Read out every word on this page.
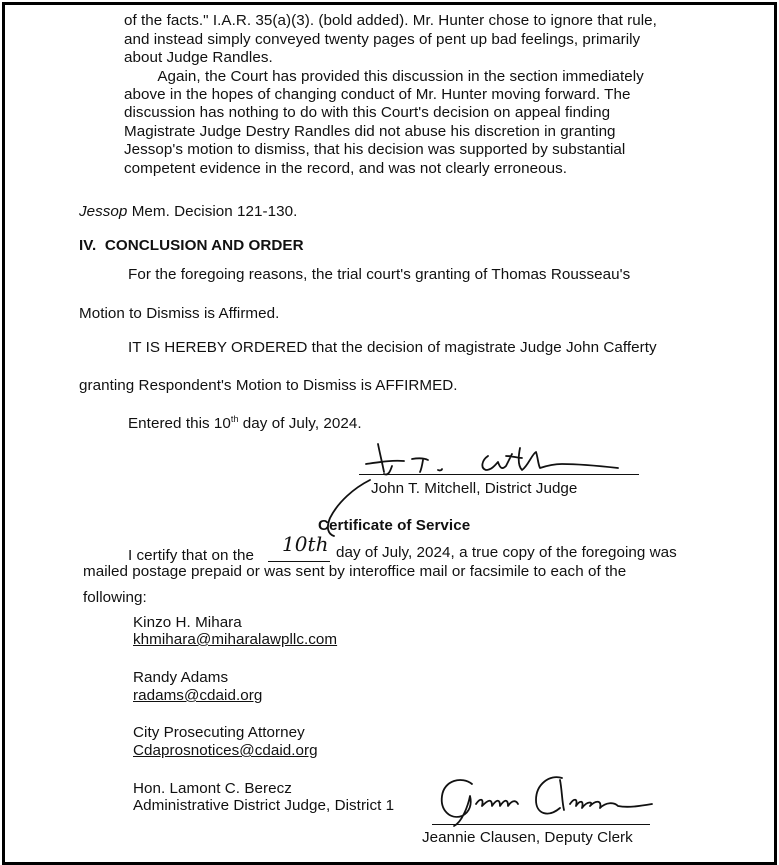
of the facts." I.A.R. 35(a)(3). (bold added). Mr. Hunter chose to ignore that rule,
and instead simply conveyed twenty pages of pent up bad feelings, primarily
about Judge Randles.
Again, the Court has provided this discussion in the section immediately
above in the hopes of changing conduct of Mr. Hunter moving forward. The
discussion has nothing to do with this Court's decision on appeal finding
Magistrate Judge Destry Randles did not abuse his discretion in granting
Jessop's motion to dismiss, that his decision was supported by substantial
competent evidence in the record, and was not clearly erroneous.
Jessop Mem. Decision 121-130.
IV.  CONCLUSION AND ORDER
For the foregoing reasons, the trial court's granting of Thomas Rousseau's
Motion to Dismiss is Affirmed.
IT IS HEREBY ORDERED that the decision of magistrate Judge John Cafferty
granting Respondent's Motion to Dismiss is AFFIRMED.
Entered this 10th day of July, 2024.
John T. Mitchell, District Judge
Certificate of Service
I certify that on the 10th day of July, 2024, a true copy of the foregoing was
mailed postage prepaid or was sent by interoffice mail or facsimile to each of the
following:
Kinzo H. Mihara
khmihara@miharalawpllc.com
Randy Adams
radams@cdaid.org
City Prosecuting Attorney
Cdaprosnotices@cdaid.org
Hon. Lamont C. Berecz
Administrative District Judge, District 1
Jeannie Clausen, Deputy Clerk
